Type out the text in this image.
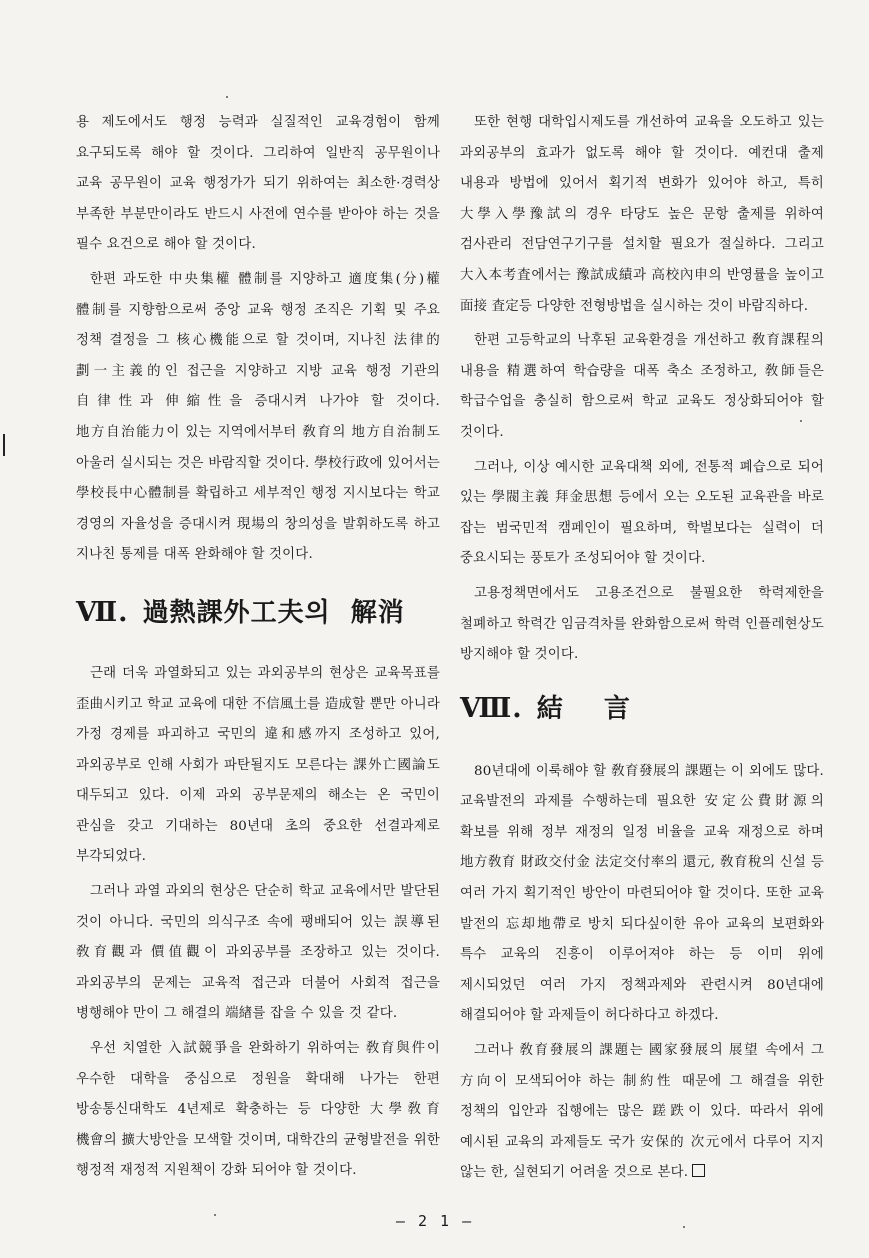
용 제도에서도 행정 능력과 실질적인 교육경험이 함께 요구되도록 해야 할 것이다. 그리하여 일반직 공무원이나 교육 공무원이 교육 행정가가 되기 위하여는 최소한·경력상 부족한 부분만이라도 반드시 사전에 연수를 받아야 하는 것을 필수 요건으로 해야 할 것이다.

한편 과도한 中央集權 體制를 지양하고 適度集(分)權 體制를 지향함으로써 중앙 교육 행정 조직은 기획 및 주요 정책 결정을 그 核心機能으로 할 것이며, 지나친 法律的 劃一主義的인 접근을 지양하고 지방 교육 행정 기관의 自律性과 伸縮性을 증대시켜 나가야 할 것이다. 地方自治能力이 있는 지역에서부터 敎育의 地方自治制도 아울러 실시되는 것은 바람직할 것이다. 學校行政에 있어서는 學校長中心體制를 확립하고 세부적인 행정 지시보다는 학교 경영의 자율성을 증대시켜 現場의 창의성을 발휘하도록 하고 지나친 통제를 대폭 완화해야 할 것이다.

Ⅶ. 過熱課外工夫의  解消

근래 더욱 과열화되고 있는 과외공부의 현상은 교육목표를 歪曲시키고 학교 교육에 대한 不信風土를 造成할 뿐만 아니라 가정 경제를 파괴하고 국민의 違和感까지 조성하고 있어, 과외공부로 인해 사회가 파탄될지도 모른다는 課外亡國論도 대두되고 있다. 이제 과외 공부문제의 해소는 온 국민이 관심을 갖고 기대하는 80년대 초의 중요한 선결과제로 부각되었다.

그러나 과열 과외의 현상은 단순히 학교 교육에서만 발단된 것이 아니다. 국민의 의식구조 속에 팽배되어 있는 誤導된 敎育觀과 價值觀이 과외공부를 조장하고 있는 것이다. 과외공부의 문제는 교육적 접근과 더불어 사회적 접근을 병행해야 만이 그 해결의 端緖를 잡을 수 있을 것 같다.

우선 치열한 入試競爭을 완화하기 위하여는 敎育與件이 우수한 대학을 중심으로 정원을 확대해 나가는 한편 방송통신대학도 4년제로 확충하는 등 다양한 大學敎育 機會의 擴大방안을 모색할 것이며, 대학간의 균형발전을 위한 행정적 재정적 지원책이 강화 되어야 할 것이다.

또한 현행 대학입시제도를 개선하여 교육을 오도하고 있는 과외공부의 효과가 없도록 해야 할 것이다. 예컨대 출제 내용과 방법에 있어서 획기적 변화가 있어야 하고, 특히 大學入學豫試의 경우 타당도 높은 문항 출제를 위하여 검사관리 전담연구기구를 설치할 필요가 절실하다. 그리고 大入本考査에서는 豫試成績과 高校內申의 반영률을 높이고 面接 査定등 다양한 전형방법을 실시하는 것이 바람직하다.

한편 고등학교의 낙후된 교육환경을 개선하고 敎育課程의 내용을 精選하여 학습량을 대폭 축소 조정하고, 敎師들은 학급수업을 충실히 함으로써 학교 교육도 정상화되어야 할 것이다.

그러나, 이상 예시한 교육대책 외에, 전통적 폐습으로 되어 있는 學閥主義 拜金思想 등에서 오는 오도된 교육관을 바로 잡는 범국민적 캠페인이 필요하며, 학벌보다는 실력이 더 중요시되는 풍토가 조성되어야 할 것이다.

고용정책면에서도 고용조건으로 불필요한 학력제한을 철폐하고 학력간 임금격차를 완화함으로써 학력 인플레현상도 방지해야 할 것이다.

Ⅷ. 結    言

80년대에 이룩해야 할 敎育發展의 課題는 이 외에도 많다. 교육발전의 과제를 수행하는데 필요한 安定公費財源의 확보를 위해 정부 재정의 일정 비율을 교육 재정으로 하며 地方敎育 財政交付金 法定交付率의 還元, 敎育稅의 신설 등 여러 가지 획기적인 방안이 마련되어야 할 것이다. 또한 교육 발전의 忘却地帶로 방치 되다싶이한 유아 교육의 보편화와 특수 교육의 진흥이 이루어져야 하는 등 이미 위에 제시되었던 여러 가지 정책과제와 관련시켜 80년대에 해결되어야 할 과제들이 허다하다고 하겠다.

그러나 敎育發展의 課題는 國家發展의 展望 속에서 그 方向이 모색되어야 하는 制約性 때문에 그 해결을 위한 정책의 입안과 집행에는 많은 蹉跌이 있다. 따라서 위에 예시된 교육의 과제들도 국가 安保的 次元에서 다루어 지지 않는 한, 실현되기 어려울 것으로 본다.

— 2 1 —
